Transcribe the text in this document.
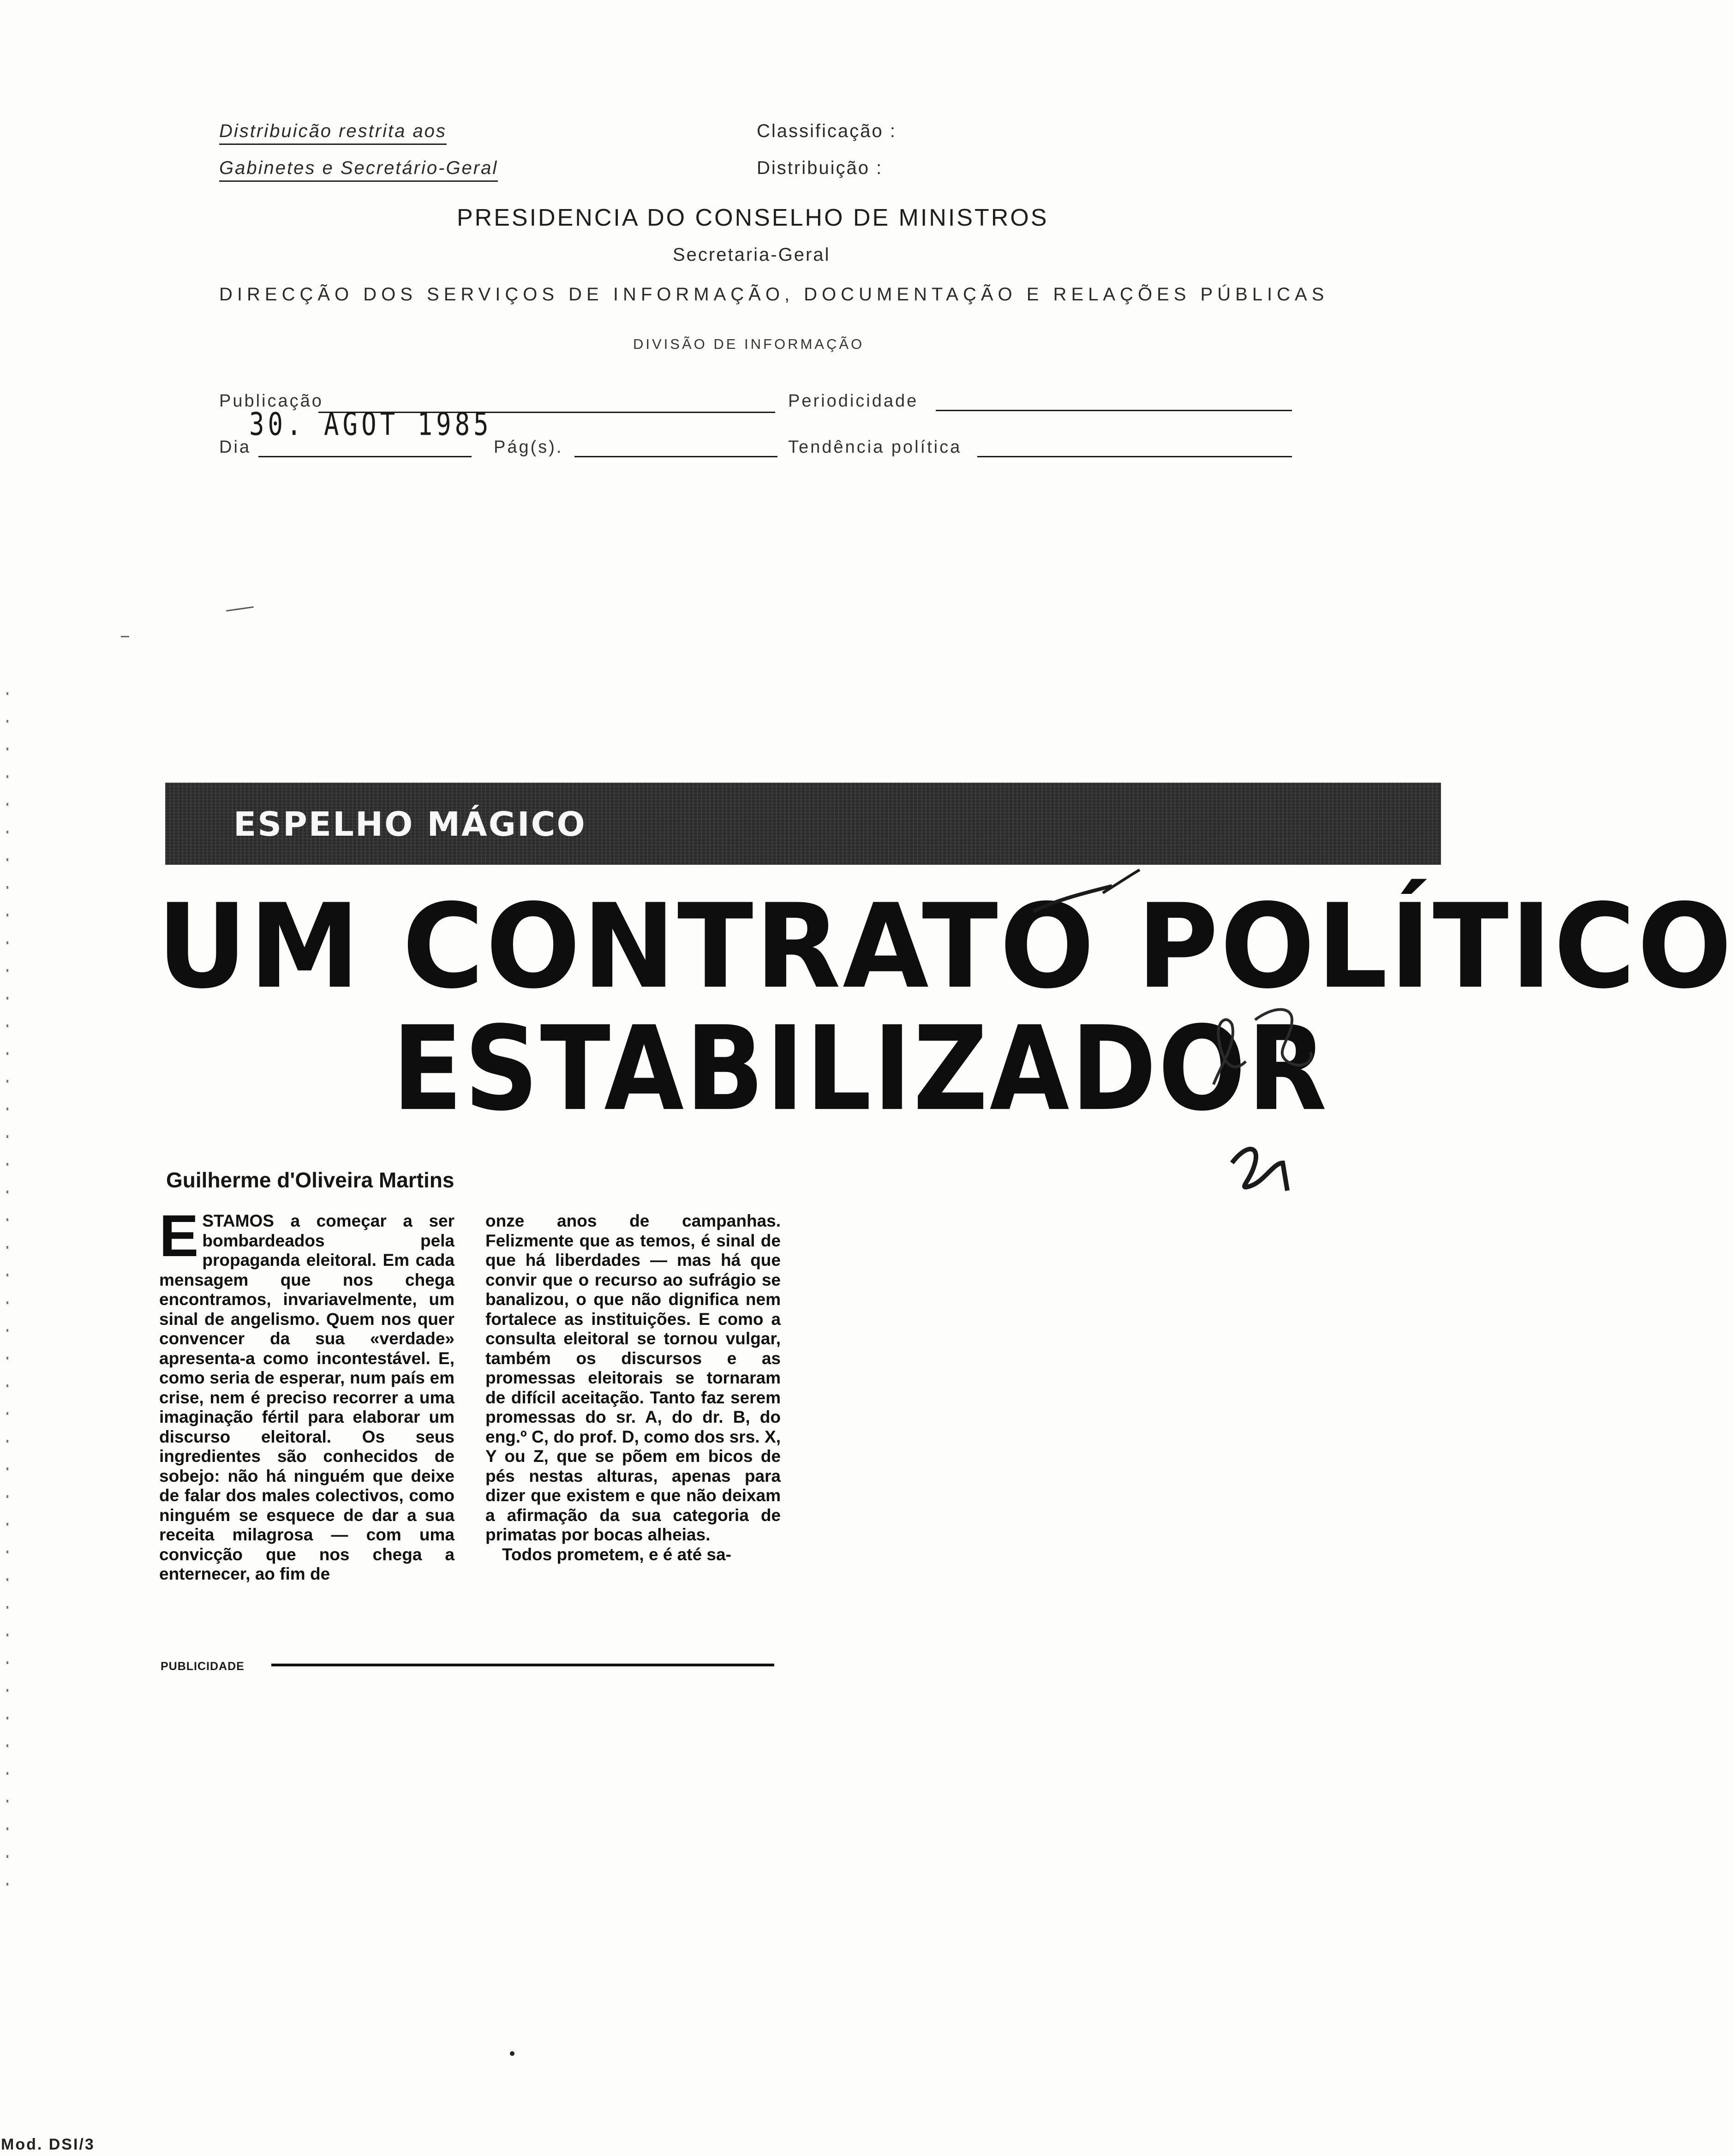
Distribuicão restrita aos
Gabinetes e Secretário-Geral
Classificação :
Distribuição :
PRESIDENCIA DO CONSELHO DE MINISTROS
Secretaria-Geral
DIRECÇÃO DOS SERVIÇOS DE INFORMAÇÃO, DOCUMENTAÇÃO E RELAÇÕES PÚBLICAS
DIVISÃO DE INFORMAÇÃO
Publicação
30. AGOT 1985
Periodicidade
Dia	Pág(s).	Tendência política
ESPELHO MÁGICO
UM CONTRATO POLÍTICO
ESTABILIZADOR
Guilherme d'Oliveira Martins
E STAMOS a começar a ser bombardeados pela propaganda eleitoral. Em cada mensagem que nos chega encontramos, invariavelmente, um sinal de angelismo. Quem nos quer convencer da sua «verdade» apresenta-a como incontestável. E, como seria de esperar, num país em crise, nem é preciso recorrer a uma imaginação fértil para elaborar um discurso eleitoral. Os seus ingredientes são conhecidos de sobejo: não há ninguém que deixe de falar dos males colectivos, como ninguém se esquece de dar a sua receita milagrosa — com uma convicção que nos chega a enternecer, ao fim de

onze anos de campanhas. Felizmente que as temos, é sinal de que há liberdades — mas há que convir que o recurso ao sufrágio se banalizou, o que não dignifica nem fortalece as instituições. E como a consulta eleitoral se tornou vulgar, também os discursos e as promessas eleitorais se tornaram de difícil aceitação. Tanto faz serem promessas do sr. A, do dr. B, do eng.º C, do prof. D, como dos srs. X, Y ou Z, que se põem em bicos de pés nestas alturas, apenas para dizer que existem e que não deixam a afirmação da sua categoria de primatas por bocas alheias.

Todos prometem, e é até sa-

PUBLICIDADE
Mod. DSI/3
